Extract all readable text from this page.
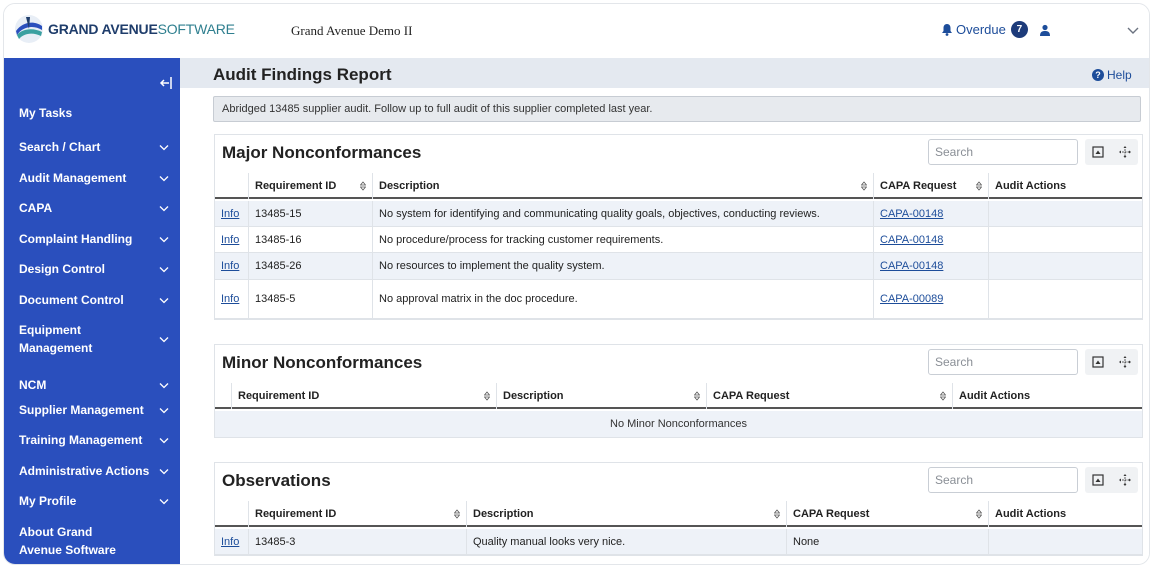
GRAND AVENUESOFTWARE	Grand Avenue Demo II	Overdue	7
My Tasks
Search / Chart
Audit Management
CAPA
Complaint Handling
Design Control
Document Control
Equipment Management
NCM
Supplier Management
Training Management
Administrative Actions
My Profile
About Grand Avenue Software
Audit Findings Report	? Help
Abridged 13485 supplier audit. Follow up to full audit of this supplier completed last year.
Major Nonconformances
Search
Requirement ID	Description	CAPA Request	Audit Actions
Info 13485-15	No system for identifying and communicating quality goals, objectives, conducting reviews.	CAPA-00148
Info 13485-16	No procedure/process for tracking customer requirements.	CAPA-00148
Info 13485-26	No resources to implement the quality system.	CAPA-00148
Info 13485-5	No approval matrix in the doc procedure.	CAPA-00089
Minor Nonconformances
Search
Requirement ID	Description	CAPA Request	Audit Actions
No Minor Nonconformances
Observations
Search
Requirement ID	Description	CAPA Request	Audit Actions
Info 13485-3	Quality manual looks very nice.	None
